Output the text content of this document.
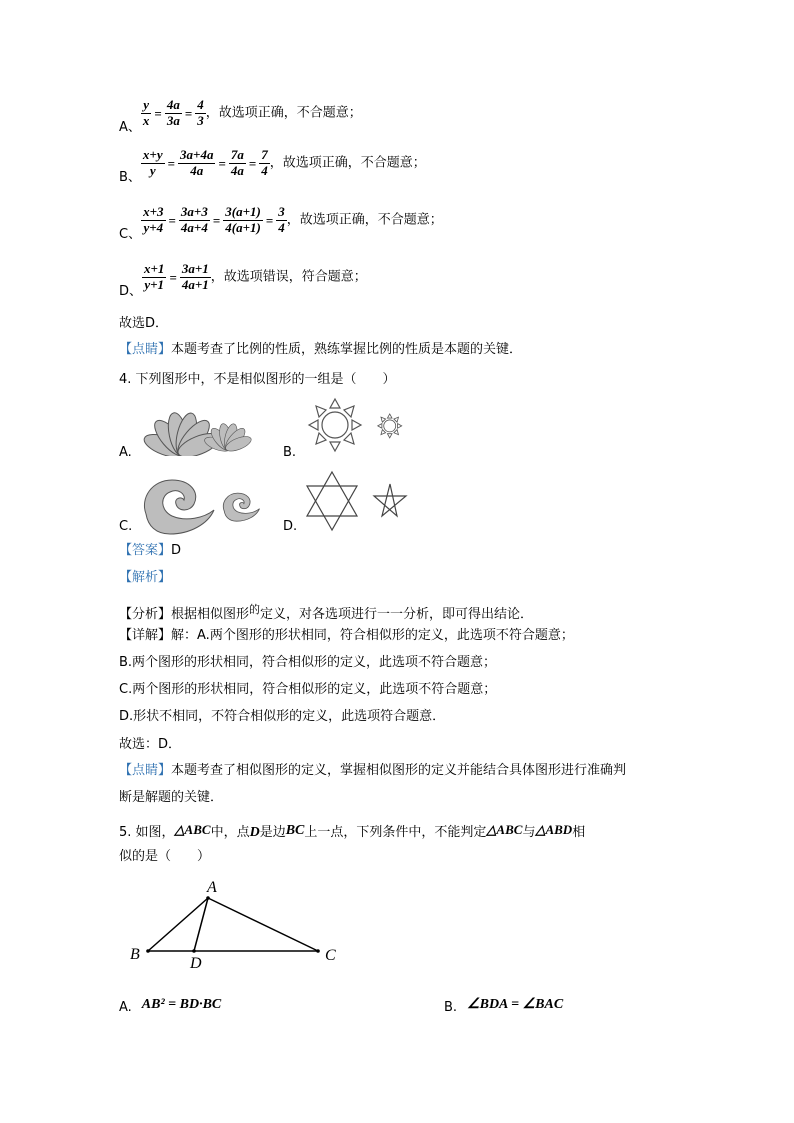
A、 $\frac{y}{x} = \frac{4a}{3a} = \frac{4}{3}$ ，故选项正确，不合题意；
B、 $\frac{x+y}{y} = \frac{3a+4a}{4a} = \frac{7a}{4a} = \frac{7}{4}$ ，故选项正确，不合题意；
C、 $\frac{x+3}{y+4} = \frac{3a+3}{4a+4} = \frac{3(a+1)}{4(a+1)} = \frac{3}{4}$ ，故选项正确，不合题意；
D、 $\frac{x+1}{y+1} = \frac{3a+1}{4a+1}$ ，故选项错误，符合题意；
故选D．
【点睛】本题考查了比例的性质，熟练掌握比例的性质是本题的关键．
4. 下列图形中，不是相似图形的一组是（　　）
A.	B.
C.	D.
【答案】D
【解析】
【分析】根据相似图形$^的$定义，对各选项进行一一分析，即可得出结论．
【详解】解：A.两个图形的形状相同，符合相似形的定义，此选项不符合题意；
B.两个图形的形状相同，符合相似形的定义，此选项不符合题意；
C.两个图形的形状相同，符合相似形的定义，此选项不符合题意；
D.形状不相同，不符合相似形的定义，此选项符合题意．
故选：D．
【点睛】本题考查了相似图形的定义，掌握相似图形的定义并能结合具体图形进行准确判
断是解题的关键．
5. 如图，△ABC中，点D是边BC上一点，下列条件中，不能判定△ABC与△ABD相
似的是（　　）
A
B	C
D
A. AB² = BD·BC	B. ∠BDA = ∠BAC
